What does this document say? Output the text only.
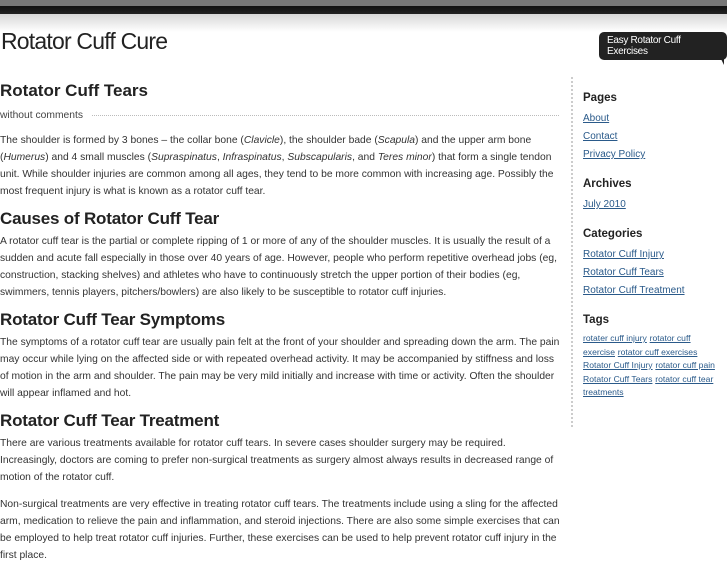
Rotator Cuff Cure	Easy Rotator Cuff Exercises
Rotator Cuff Tears
without comments

The shoulder is formed by 3 bones – the collar bone (Clavicle), the shoulder bade (Scapula) and the upper arm bone (Humerus) and 4 small muscles (Supraspinatus, Infraspinatus, Subscapularis, and Teres minor) that form a single tendon unit. While shoulder injuries are common among all ages, they tend to be more common with increasing age. Possibly the most frequent injury is what is known as a rotator cuff tear.

Causes of Rotator Cuff Tear

A rotator cuff tear is the partial or complete ripping of 1 or more of any of the shoulder muscles. It is usually the result of a sudden and acute fall especially in those over 40 years of age. However, people who perform repetitive overhead jobs (eg, construction, stacking shelves) and athletes who have to continuously stretch the upper portion of their bodies (eg, swimmers, tennis players, pitchers/bowlers) are also likely to be susceptible to rotator cuff injuries.

Rotator Cuff Tear Symptoms

The symptoms of a rotator cuff tear are usually pain felt at the front of your shoulder and spreading down the arm. The pain may occur while lying on the affected side or with repeated overhead activity. It may be accompanied by stiffness and loss of motion in the arm and shoulder. The pain may be very mild initially and increase with time or activity. Often the shoulder will appear inflamed and hot.

Rotator Cuff Tear Treatment

There are various treatments available for rotator cuff tears. In severe cases shoulder surgery may be required. Increasingly, doctors are coming to prefer non-surgical treatments as surgery almost always results in decreased range of motion of the rotator cuff.

Non-surgical treatments are very effective in treating rotator cuff tears. The treatments include using a sling for the affected arm, medication to relieve the pain and inflammation, and steroid injections. There are also some simple exercises that can be employed to help treat rotator cuff injuries. Further, these exercises can be used to help prevent rotator cuff injury in the first place.

Pages
About
Contact
Privacy Policy
Archives
July 2010
Categories
Rotator Cuff Injury
Rotator Cuff Tears
Rotator Cuff Treatment
Tags
rotater cuff injury rotator cuff exercise rotator cuff exercises Rotator Cuff Injury rotator cuff pain Rotator Cuff Tears rotator cuff tear treatments
